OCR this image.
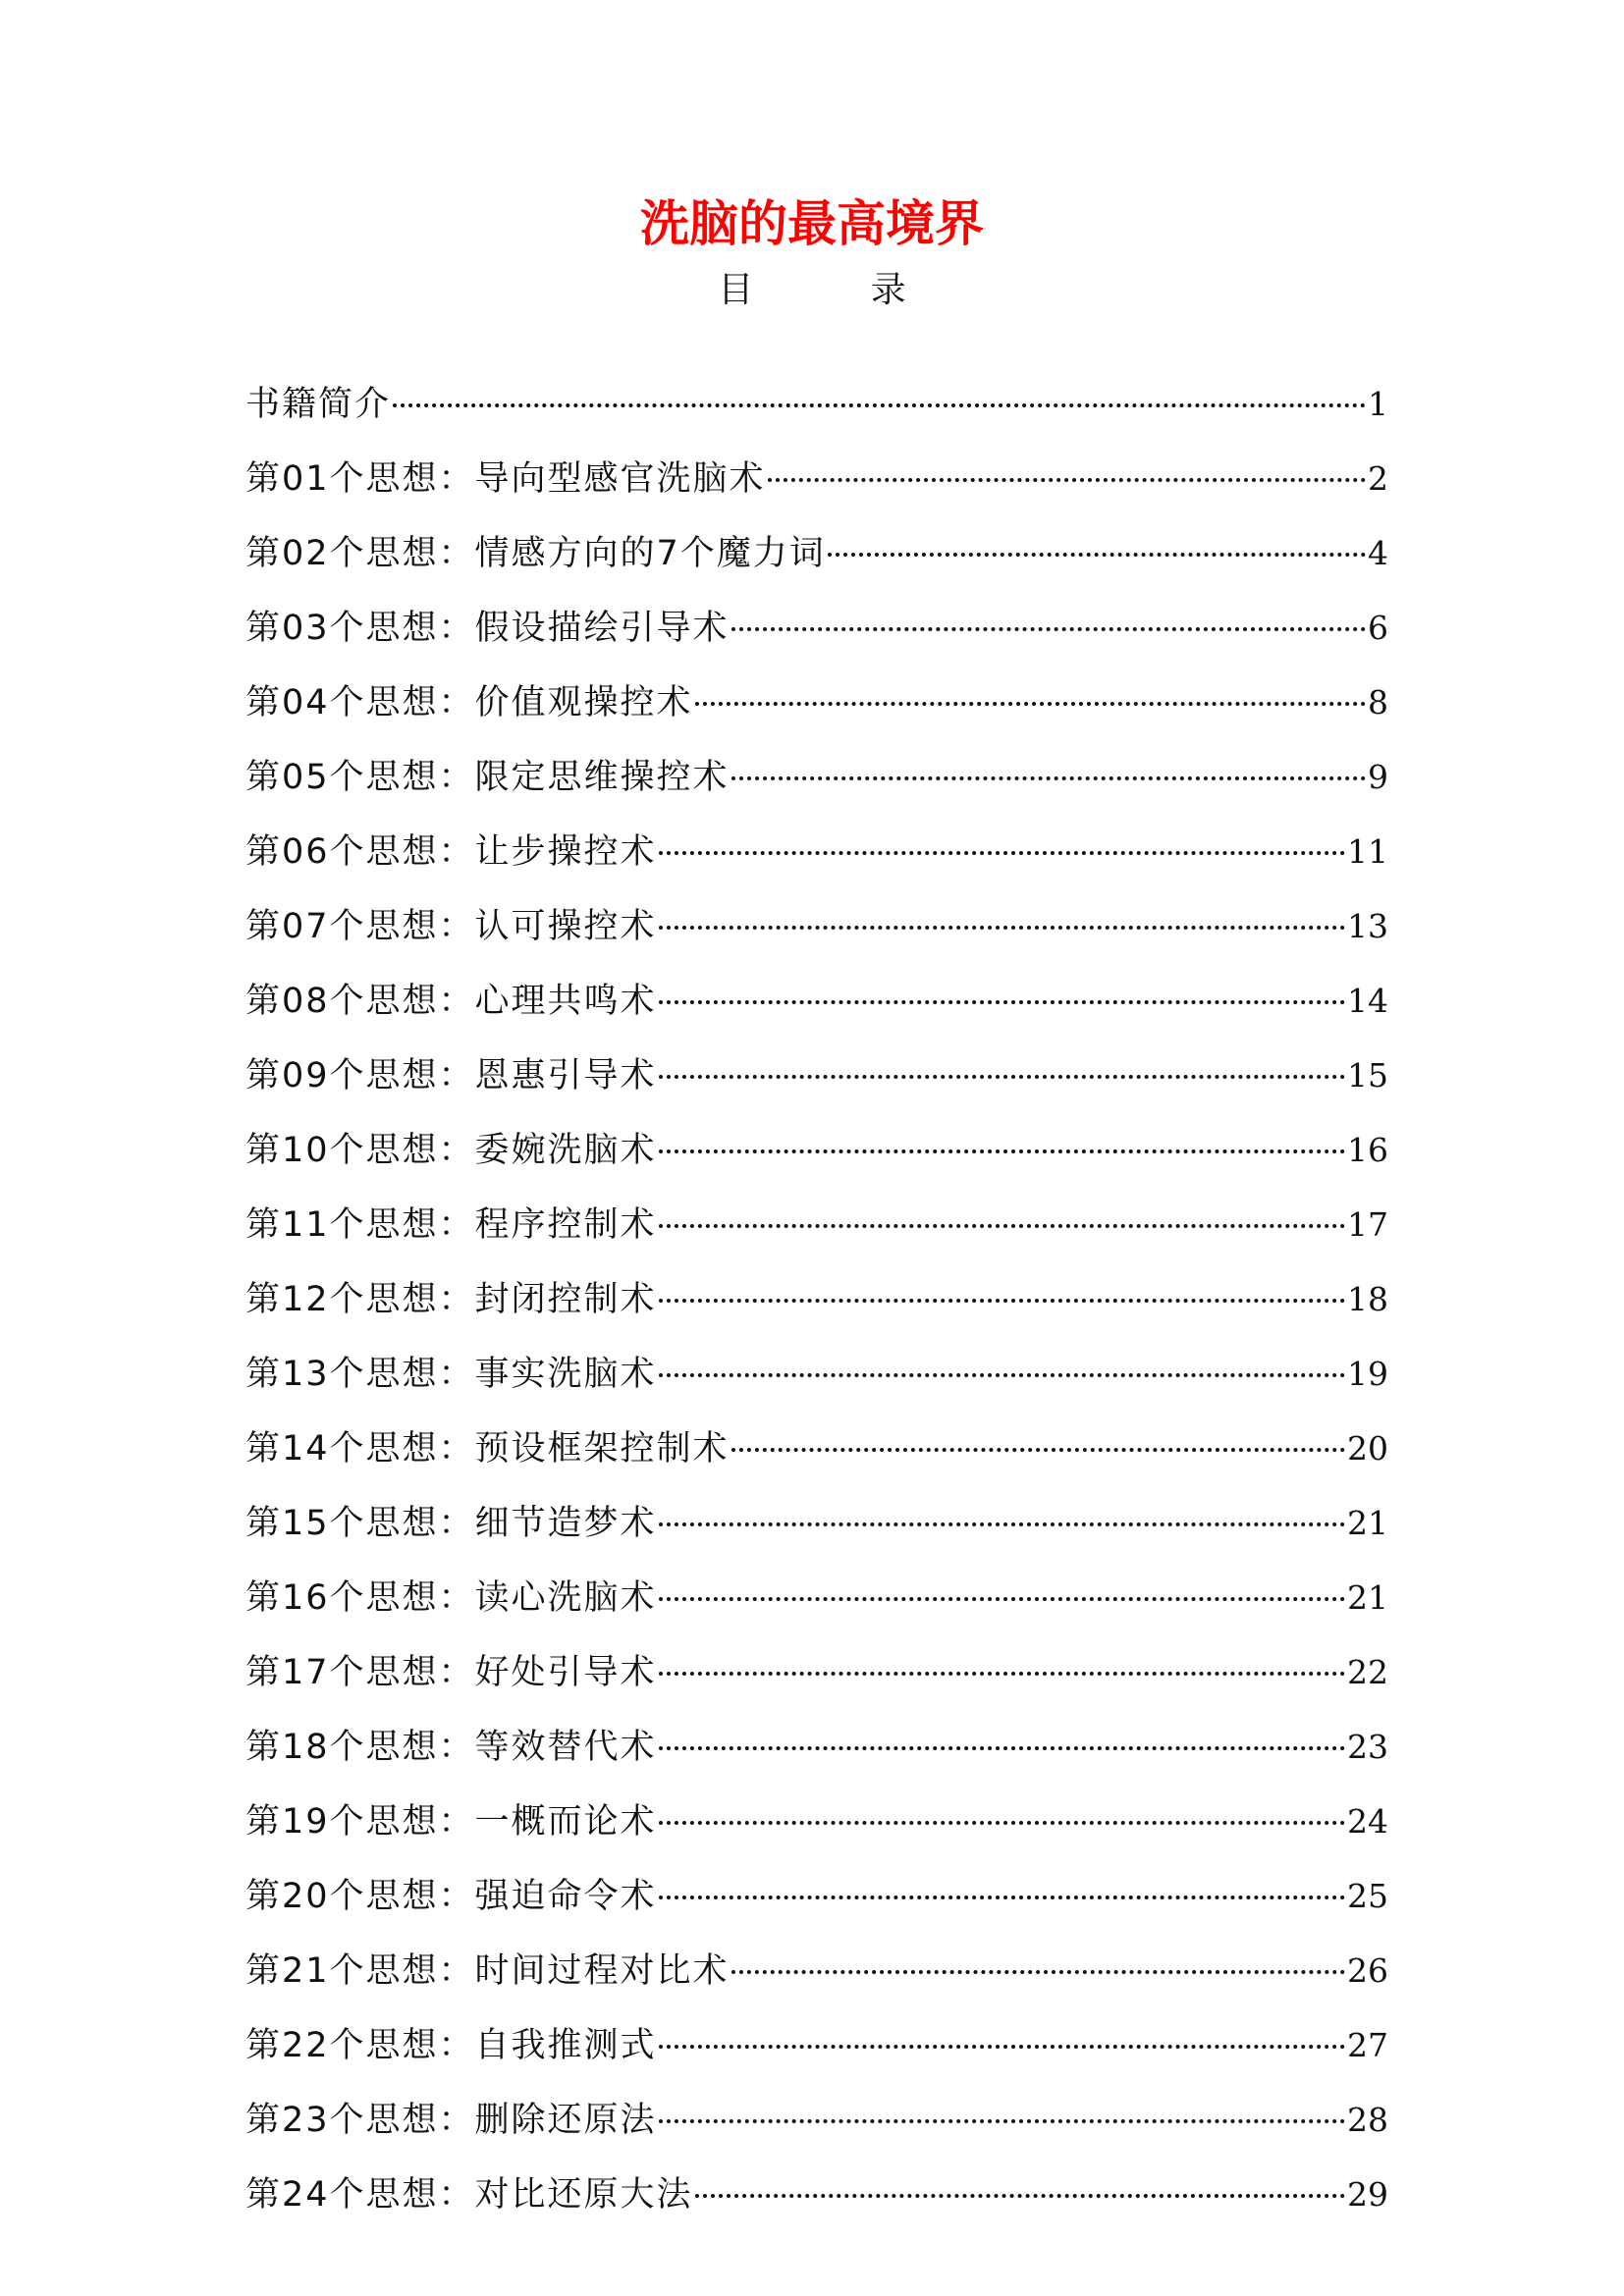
洗脑的最高境界
目 录
书籍简介	1
第01个思想：导向型感官洗脑术	2
第02个思想：情感方向的7个魔力词	4
第03个思想：假设描绘引导术	6
第04个思想：价值观操控术	8
第05个思想：限定思维操控术	9
第06个思想：让步操控术	11
第07个思想：认可操控术	13
第08个思想：心理共鸣术	14
第09个思想：恩惠引导术	15
第10个思想：委婉洗脑术	16
第11个思想：程序控制术	17
第12个思想：封闭控制术	18
第13个思想：事实洗脑术	19
第14个思想：预设框架控制术	20
第15个思想：细节造梦术	21
第16个思想：读心洗脑术	21
第17个思想：好处引导术	22
第18个思想：等效替代术	23
第19个思想：一概而论术	24
第20个思想：强迫命令术	25
第21个思想：时间过程对比术	26
第22个思想：自我推测式	27
第23个思想：删除还原法	28
第24个思想：对比还原大法	29
